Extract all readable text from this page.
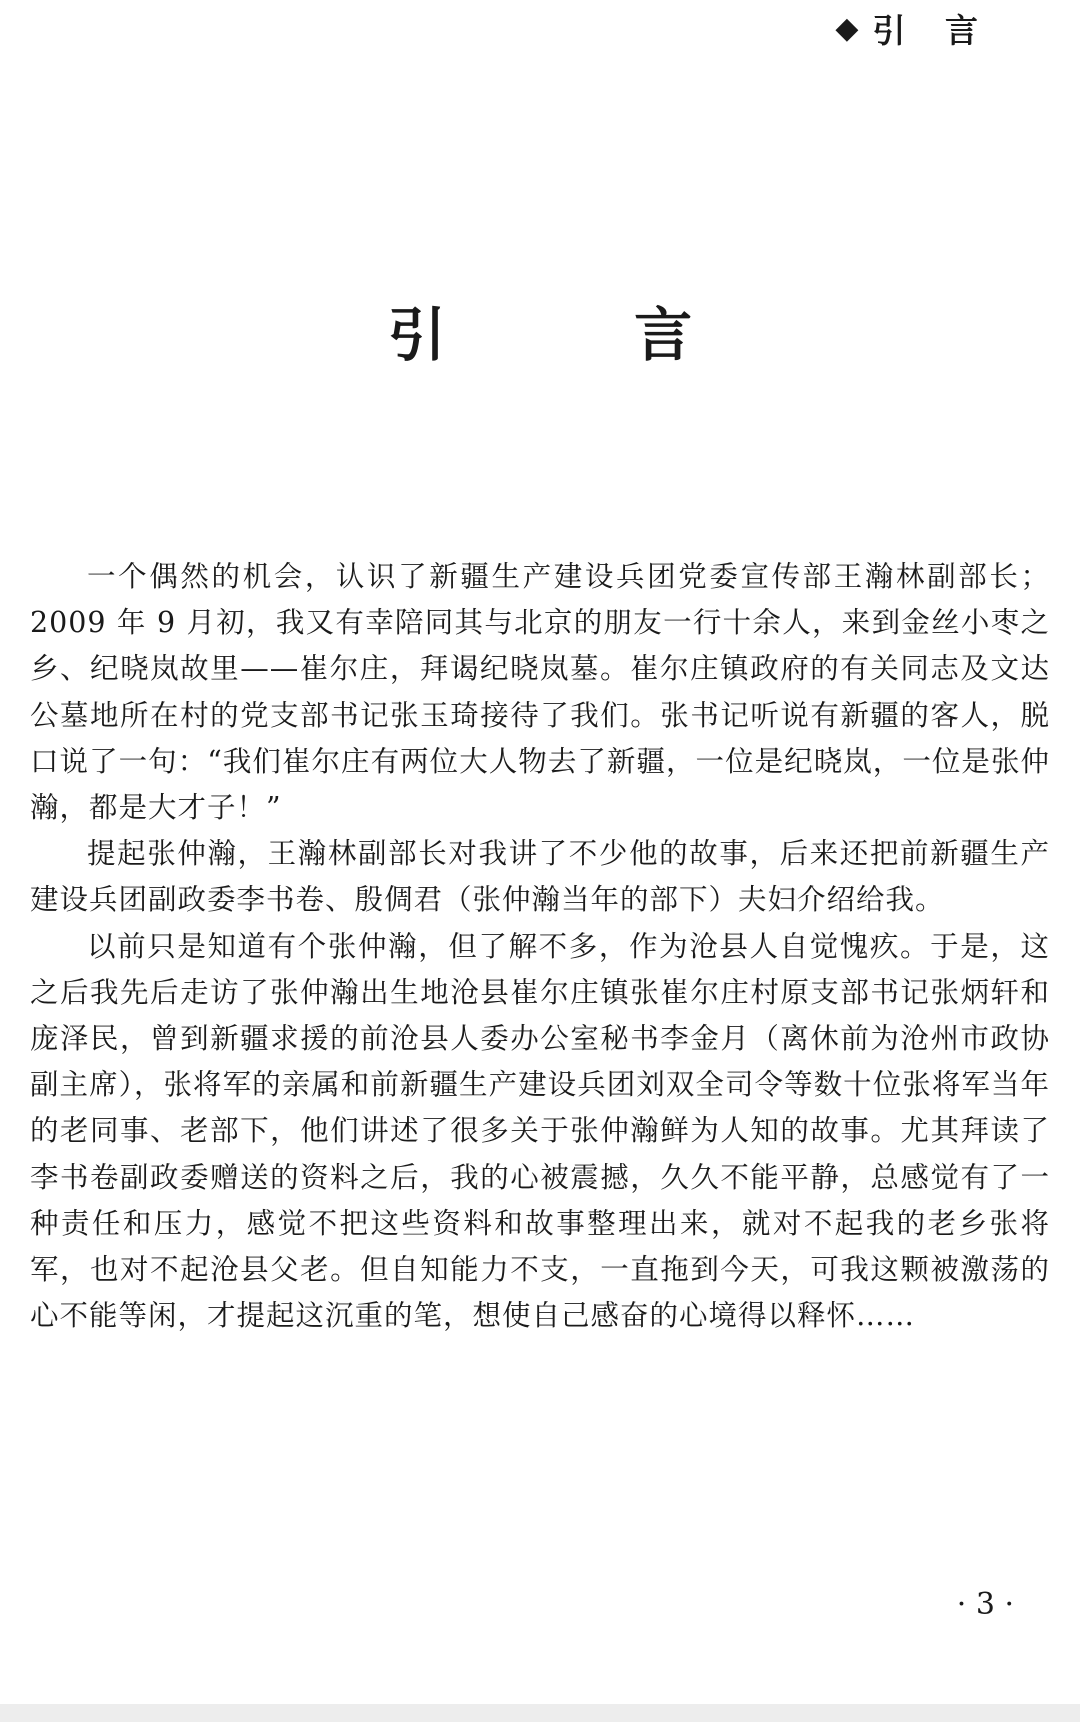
◆ 引 言
引 言

一个偶然的机会，认识了新疆生产建设兵团党委宣传部王瀚林副部长；2009 年 9 月初，我又有幸陪同其与北京的朋友一行十余人，来到金丝小枣之乡、纪晓岚故里——崔尔庄，拜谒纪晓岚墓。崔尔庄镇政府的有关同志及文达公墓地所在村的党支部书记张玉琦接待了我们。张书记听说有新疆的客人，脱口说了一句：“我们崔尔庄有两位大人物去了新疆，一位是纪晓岚，一位是张仲瀚，都是大才子！”

提起张仲瀚，王瀚林副部长对我讲了不少他的故事，后来还把前新疆生产建设兵团副政委李书卷、殷倜君（张仲瀚当年的部下）夫妇介绍给我。

以前只是知道有个张仲瀚，但了解不多，作为沧县人自觉愧疚。于是，这之后我先后走访了张仲瀚出生地沧县崔尔庄镇张崔尔庄村原支部书记张炳轩和庞泽民，曾到新疆求援的前沧县人委办公室秘书李金月（离休前为沧州市政协副主席），张将军的亲属和前新疆生产建设兵团刘双全司令等数十位张将军当年的老同事、老部下，他们讲述了很多关于张仲瀚鲜为人知的故事。尤其拜读了李书卷副政委赠送的资料之后，我的心被震撼，久久不能平静，总感觉有了一种责任和压力，感觉不把这些资料和故事整理出来，就对不起我的老乡张将军，也对不起沧县父老。但自知能力不支，一直拖到今天，可我这颗被激荡的心不能等闲，才提起这沉重的笔，想使自己感奋的心境得以释怀……

· 3 ·
